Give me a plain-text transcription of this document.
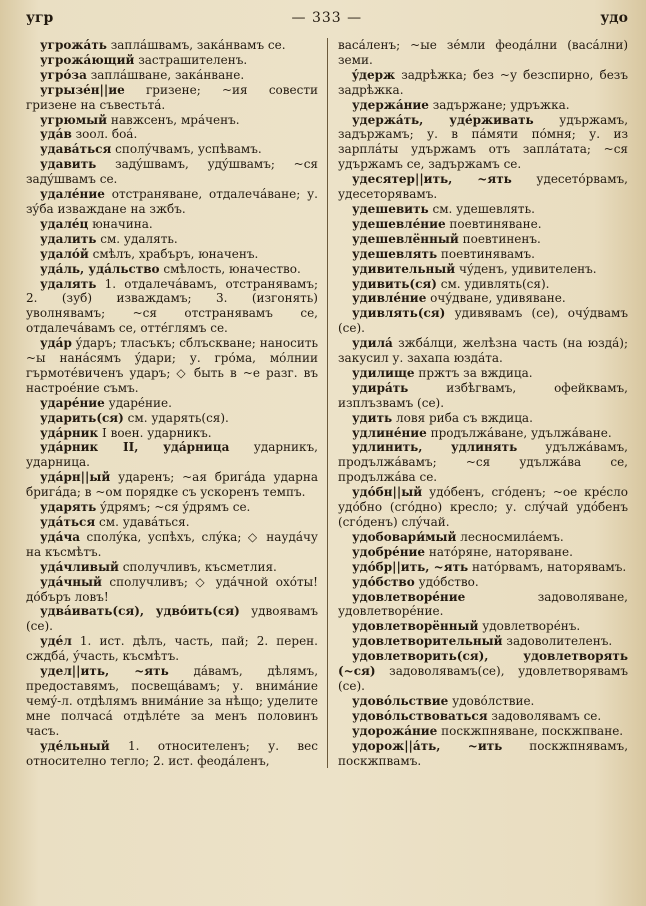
угр	— 333 —	удо

угрожáть заплáшвамъ, закáнвамъ се.

угрожáющий застрашителенъ.

угрóза заплáшване, закáнване.

угрызéн||ие гризене; ~ия совести гризене на съвестьтá.

угрюмый навжсенъ, мрáченъ.

удáв зоол. боá.

удавáться сполýчвамъ, успѣвамъ.

удавить задýшвамъ, удýшвамъ; ~ся задýшвамъ се.

удалéние отстраняване, отдалечáване; у. зýба изваждане на зжбъ.

удалéц юначина.

удалить см. удалять.

удалóй смѣлъ, храбъръ, юначенъ.

удáль, удáльство смѣлость, юначество.

удалять 1. отдалечáвамъ, отстранявамъ; 2. (зуб) изваждамъ; 3. (изгонять) уволнявамъ; ~ся отстранявамъ се, отдалечáвамъ се, оттéглямъ се.

удáр ýдаръ; тласъкъ; сблъскване; наносить ~ы нанáсямъ ýдари; у. грóма, мóлнии гърмотéвиченъ ударъ; ◇ быть в ~е разг. въ настроéние съмъ.

ударéние ударéние.

ударить(ся) см. ударять(ся).

удáрник I воен. ударникъ.

удáрник II, удáрница ударникъ, ударница.

удáрн||ый ударенъ; ~ая бригáда ударна бригáда; в ~ом порядке съ ускоренъ темпъ.

ударять ýдрямъ; ~ся ýдрямъ се.

удáться см. удавáться.

удáча сполýка, успѣхъ, слýка; ◇ наудáчу на късмѣтъ.

удáчливый сполучливъ, късметлия.

удáчный сполучливъ; ◇ удáчной охóты! дóбъръ ловъ!

удвáивать(ся), удвóить(ся) удвоявамъ (се).

удéл 1. ист. дѣлъ, часть, пай; 2. перен. сждбá, ýчасть, късмѣтъ.

удел||ить, ~ять дáвамъ, дѣлямъ, предоставямъ, посвещáвамъ; у. внимáние чемý-л. отдѣлямъ внимáние за нѣщо; уделите мне полчасá отдѣлéте за менъ половинъ часъ.

удéльный 1. относителенъ; у. вес относително тегло; 2. ист. феодáленъ,

васáленъ; ~ые зéмли феодáлни (васáлни) земи.

ýдерж задрѣжка; без ~у безспирно, безъ задрѣжка.

удержáние задържане; удръжка.

удержáть, удéрживать удържамъ, задържамъ; у. в пáмяти пóмня; у. из зарплáты удържамъ отъ заплáтата; ~ся удържамъ се, задържамъ се.

удесятер||ить, ~ять удесетóрвамъ, удесеторявамъ.

удешевить см. удешевлять.

удешевлéние поевтиняване.

удешевлённый поевтиненъ.

удешевлять поевтинявамъ.

удивительный чýденъ, удивителенъ.

удивить(ся) см. удивлять(ся).

удивлéние очýдване, удивяване.

удивлять(ся) удивявамъ (се), очýдвамъ (се).

удилá зжбáлци, желѣзна часть (на юздá); закусил у. захапа юздáта.

удилище пржтъ за вждица.

удирáть избѣгвамъ, офейквамъ, изплъзвамъ (се).

удить ловя рибa съ вждица.

удлинéние продължáване, удължáване.

удлинить, удлинять удължáвамъ, продължáвамъ; ~ся удължáва се, продължáва се.

удóбн||ый удóбенъ, сгóденъ; ~ое крéсло удóбно (сгóдно) кресло; у. слýчай удóбенъ (сгóденъ) слýчай.

удобовари́мый лесносмилáемъ.

удобрéние натóряне, наторяване.

удóбр||ить, ~ять натóрвамъ, наторявамъ.

удóбство удóбство.

удовлетворéние задоволяване, удовлетворéние.

удовлетворённый удовлетворéнъ.

удовлетворительный задоволителенъ.

удовлетворить(ся), удовлетворять (~ся) задоволявамъ(се), удовлетворявамъ (се).

удовóльствие удовóлствие.

удовóльствоваться задоволявамъ се.

удорожáние поскжпняване, поскжпване.

удорож||áть, ~ить поскжпнявамъ, поскжпвамъ.
